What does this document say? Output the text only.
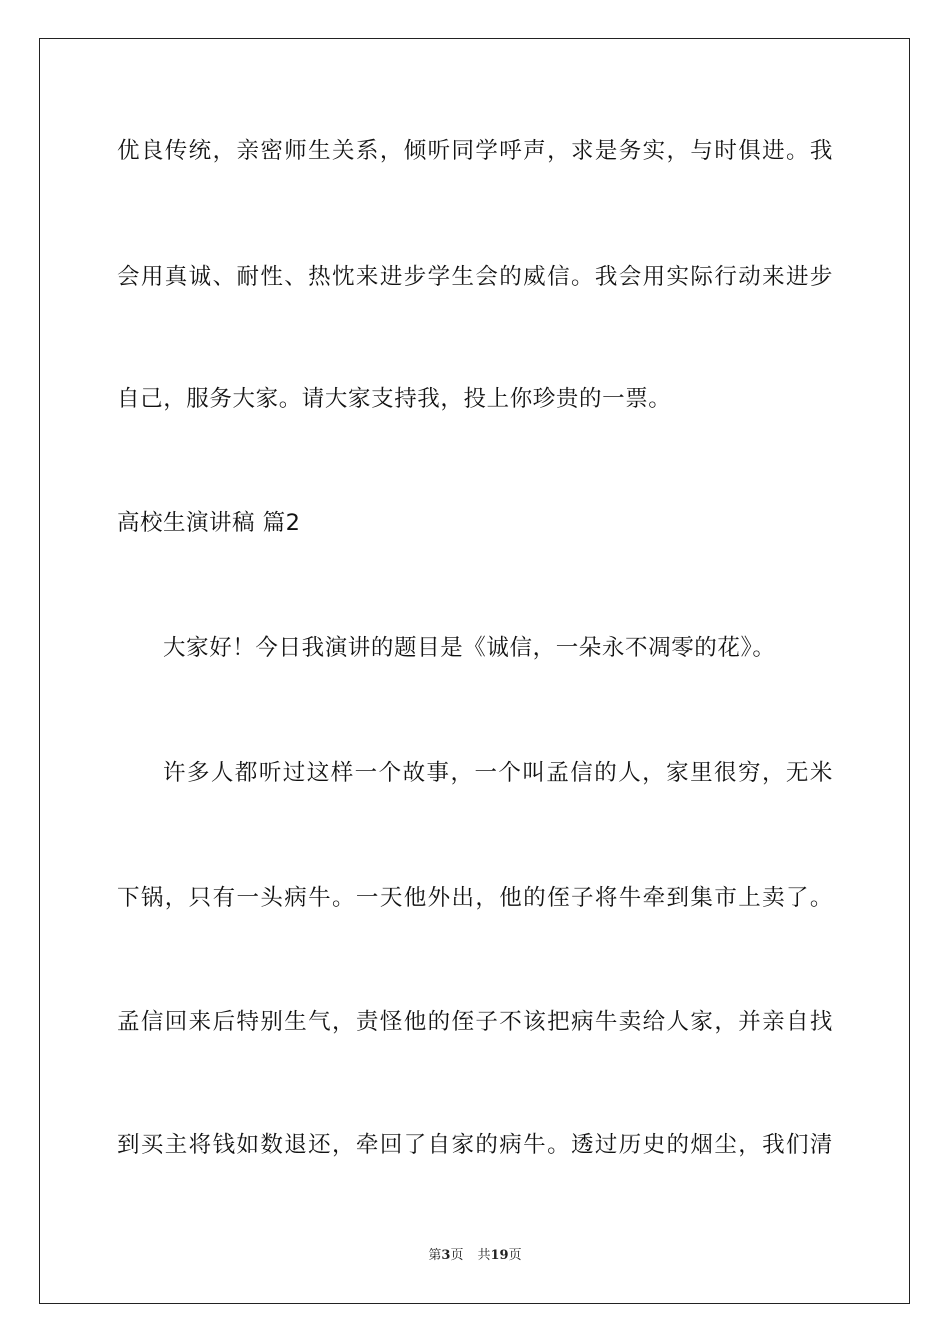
优良传统，亲密师生关系，倾听同学呼声，求是务实，与时俱进。我
会用真诚、耐性、热忱来进步学生会的威信。我会用实际行动来进步
自己，服务大家。请大家支持我，投上你珍贵的一票。
高校生演讲稿 篇2
大家好！今日我演讲的题目是《诚信，一朵永不凋零的花》。
许多人都听过这样一个故事，一个叫孟信的人，家里很穷，无米
下锅，只有一头病牛。一天他外出，他的侄子将牛牵到集市上卖了。
孟信回来后特别生气，责怪他的侄子不该把病牛卖给人家，并亲自找
到买主将钱如数退还，牵回了自家的病牛。透过历史的烟尘，我们清
第3页 共19页
